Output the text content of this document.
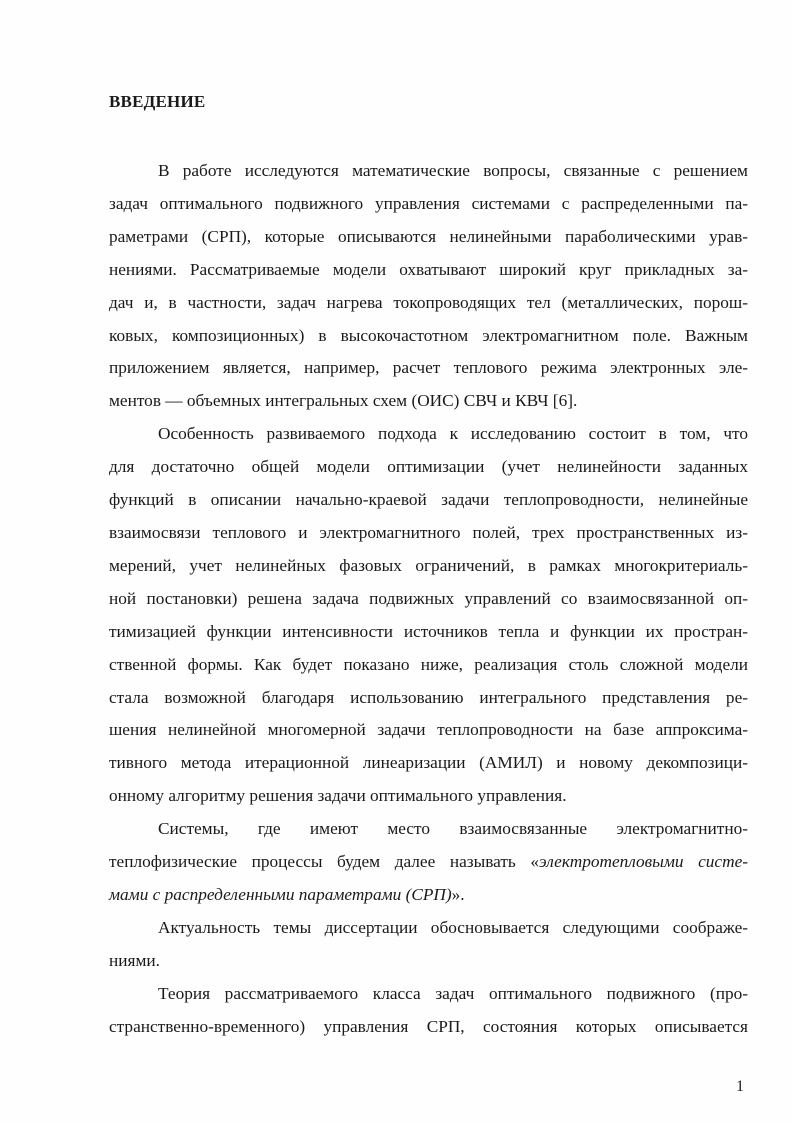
ВВЕДЕНИЕ

В работе исследуются математические вопросы, связанные с решением
задач оптимального подвижного управления системами с распределенными па-
раметрами (СРП), которые описываются нелинейными параболическими урав-
нениями. Рассматриваемые модели охватывают широкий круг прикладных за-
дач и, в частности, задач нагрева токопроводящих тел (металлических, порош-
ковых, композиционных) в высокочастотном электромагнитном поле. Важным
приложением является, например, расчет теплового режима электронных эле-
ментов — объемных интегральных схем (ОИС) СВЧ и КВЧ [6].

Особенность развиваемого подхода к исследованию состоит в том, что
для достаточно общей модели оптимизации (учет нелинейности заданных
функций в описании начально-краевой задачи теплопроводности, нелинейные
взаимосвязи теплового и электромагнитного полей, трех пространственных из-
мерений, учет нелинейных фазовых ограничений, в рамках многокритериаль-
ной постановки) решена задача подвижных управлений со взаимосвязанной оп-
тимизацией функции интенсивности источников тепла и функции их простран-
ственной формы. Как будет показано ниже, реализация столь сложной модели
стала возможной благодаря использованию интегрального представления ре-
шения нелинейной многомерной задачи теплопроводности на базе аппроксима-
тивного метода итерационной линеаризации (АМИЛ) и новому декомпозици-
онному алгоритму решения задачи оптимального управления.

Системы, где имеют место взаимосвязанные электромагнитно-
теплофизические процессы будем далее называть «электротепловыми систе-
мами с распределенными параметрами (СРП)».

Актуальность темы диссертации обосновывается следующими соображе-
ниями.

Теория рассматриваемого класса задач оптимального подвижного (про-
странственно-временного) управления СРП, состояния которых описывается

1
